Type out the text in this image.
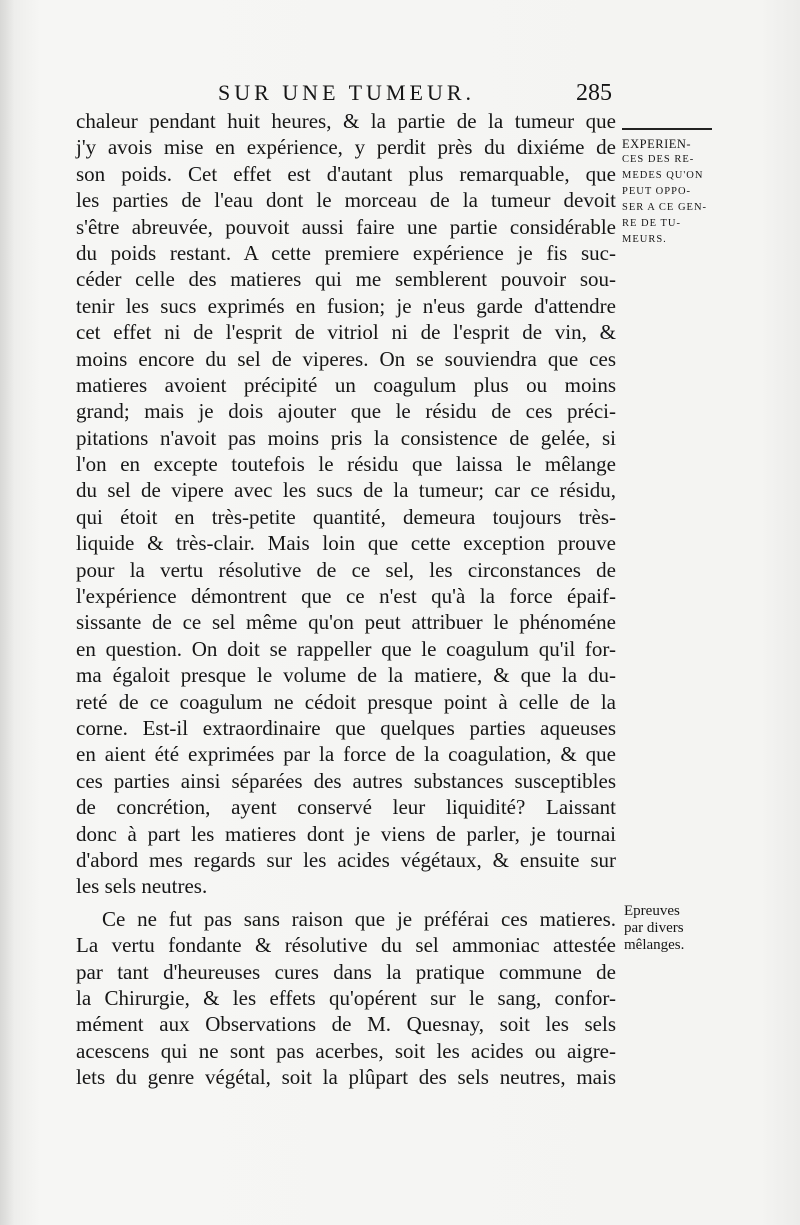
SUR UNE TUMEUR.	285
chaleur pendant huit heures, & la partie de la tumeur que
j'y avois mise en expérience, y perdit près du dixiéme de
son poids. Cet effet est d'autant plus remarquable, que
les parties de l'eau dont le morceau de la tumeur devoit
s'être abreuvée, pouvoit aussi faire une partie considérable
du poids restant. A cette premiere expérience je fis suc-
céder celle des matieres qui me semblerent pouvoir sou-
tenir les sucs exprimés en fusion; je n'eus garde d'attendre
cet effet ni de l'esprit de vitriol ni de l'esprit de vin, &
moins encore du sel de viperes. On se souviendra que ces
matieres avoient précipité un coagulum plus ou moins
grand; mais je dois ajouter que le résidu de ces préci-
pitations n'avoit pas moins pris la consistence de gelée, si
l'on en excepte toutefois le résidu que laissa le mêlange
du sel de vipere avec les sucs de la tumeur; car ce résidu,
qui étoit en très-petite quantité, demeura toujours très-
liquide & très-clair. Mais loin que cette exception prouve
pour la vertu résolutive de ce sel, les circonstances de
l'expérience démontrent que ce n'est qu'à la force épaif-
sissante de ce sel même qu'on peut attribuer le phénoméne
en question. On doit se rappeller que le coagulum qu'il for-
ma égaloit presque le volume de la matiere, & que la du-
reté de ce coagulum ne cédoit presque point à celle de la
corne. Est-il extraordinaire que quelques parties aqueuses
en aient été exprimées par la force de la coagulation, & que
ces parties ainsi séparées des autres substances susceptibles
de concrétion, ayent conservé leur liquidité? Laissant
donc à part les matieres dont je viens de parler, je tournai
d'abord mes regards sur les acides végétaux, & ensuite sur
les sels neutres.
Ce ne fut pas sans raison que je préférai ces matieres.
La vertu fondante & résolutive du sel ammoniac attestée
par tant d'heureuses cures dans la pratique commune de
la Chirurgie, & les effets qu'opérent sur le sang, confor-
mément aux Observations de M. Quesnay, soit les sels
acescens qui ne sont pas acerbes, soit les acides ou aigre-
lets du genre végétal, soit la plûpart des sels neutres, mais
EXPERIEN-
CES DES RE-
MEDES QU'ON
PEUT OPPO-
SER A CE GEN-
RE DE TU-
MEURS.
Epreuves
par divers
mêlanges.
